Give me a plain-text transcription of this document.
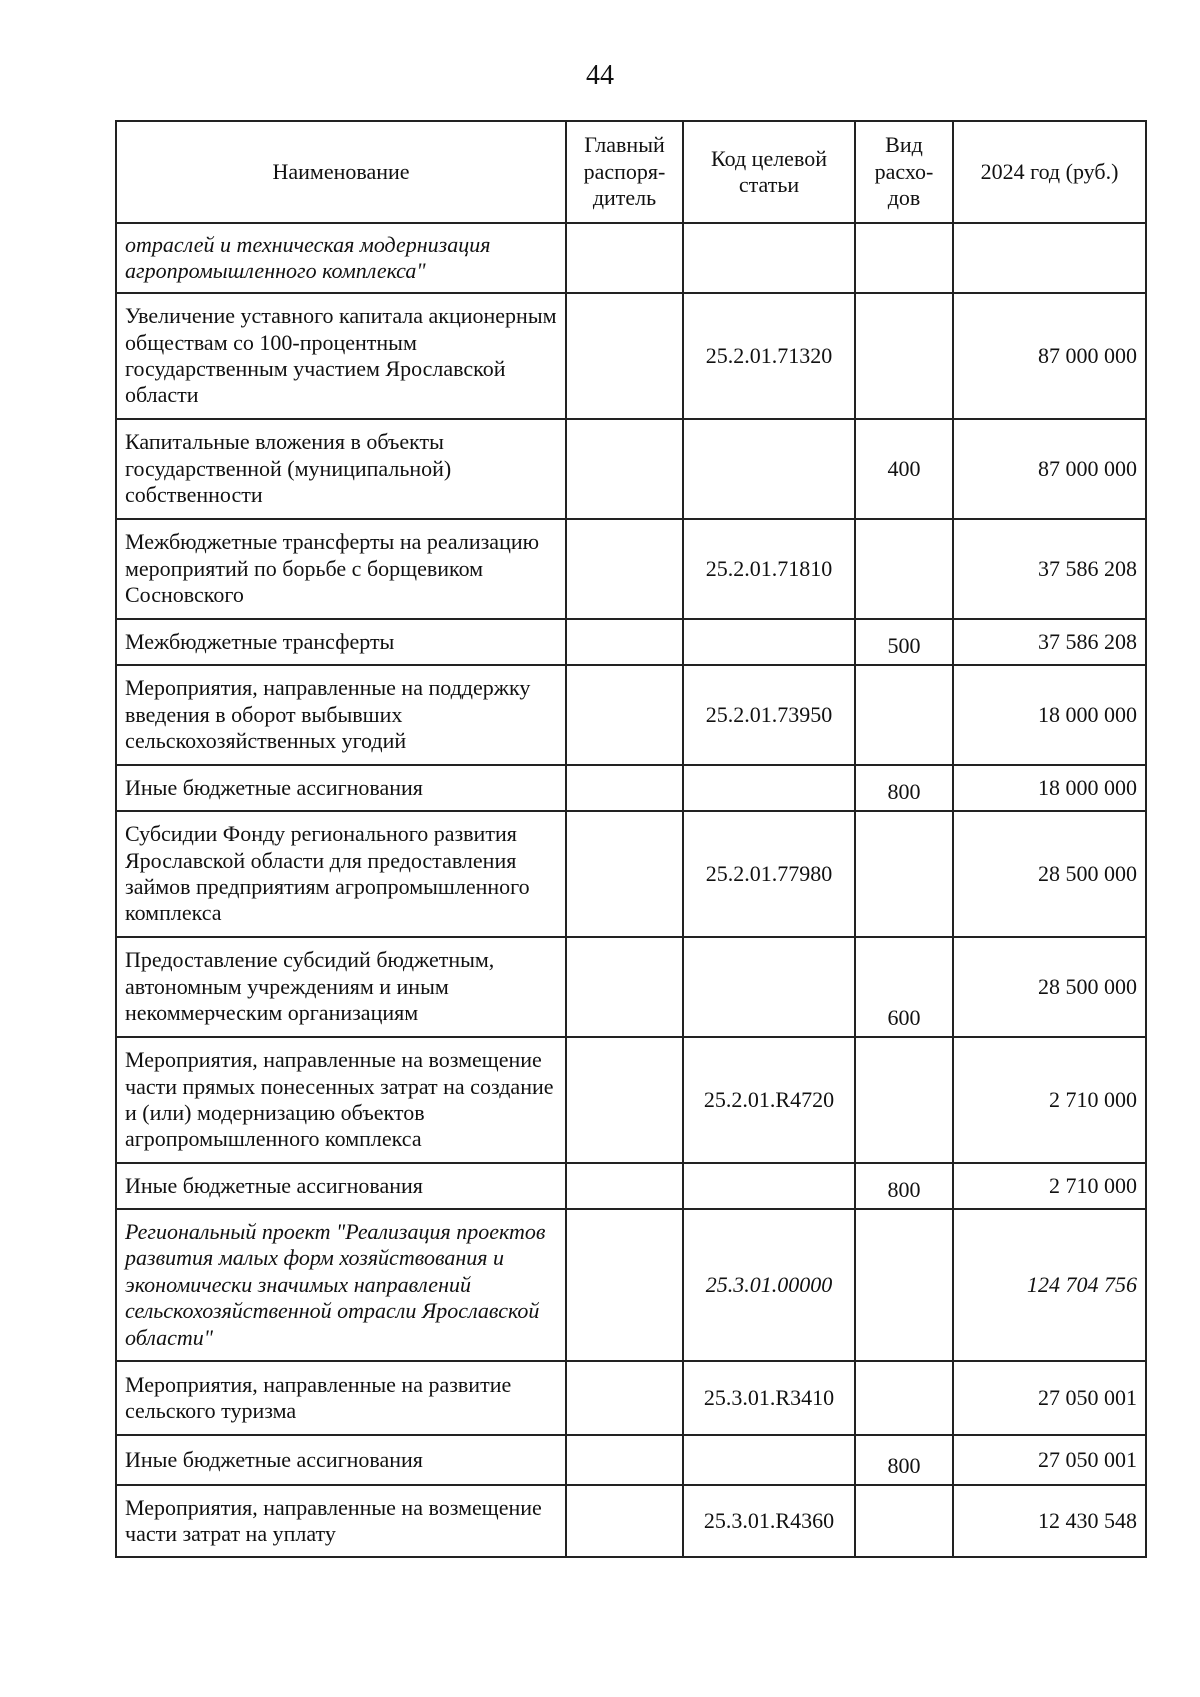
44
Наименование	Главный распоря-дитель	Код целевой статьи	Вид расхо-дов	2024 год (руб.)
отраслей и техническая модернизация агропромышленного комплекса"				
Увеличение уставного капитала акционерным обществам со 100-процентным государственным участием Ярославской области		25.2.01.71320		87 000 000
Капитальные вложения в объекты государственной (муниципальной) собственности			400	87 000 000
Межбюджетные трансферты на реализацию мероприятий по борьбе с борщевиком Сосновского		25.2.01.71810		37 586 208
Межбюджетные трансферты			500	37 586 208
Мероприятия, направленные на поддержку введения в оборот выбывших сельскохозяйственных угодий		25.2.01.73950		18 000 000
Иные бюджетные ассигнования			800	18 000 000
Субсидии Фонду регионального развития Ярославской области для предоставления займов предприятиям агропромышленного комплекса		25.2.01.77980		28 500 000
Предоставление субсидий бюджетным, автономным учреждениям и иным некоммерческим организациям			600	28 500 000
Мероприятия, направленные на возмещение части прямых понесенных затрат на создание и (или) модернизацию объектов агропромышленного комплекса		25.2.01.R4720		2 710 000
Иные бюджетные ассигнования			800	2 710 000
Региональный проект "Реализация проектов развития малых форм хозяйствования и экономически значимых направлений сельскохозяйственной отрасли Ярославской области"		25.3.01.00000		124 704 756
Мероприятия, направленные на развитие сельского туризма		25.3.01.R3410		27 050 001
Иные бюджетные ассигнования			800	27 050 001
Мероприятия, направленные на возмещение части затрат на уплату		25.3.01.R4360		12 430 548
